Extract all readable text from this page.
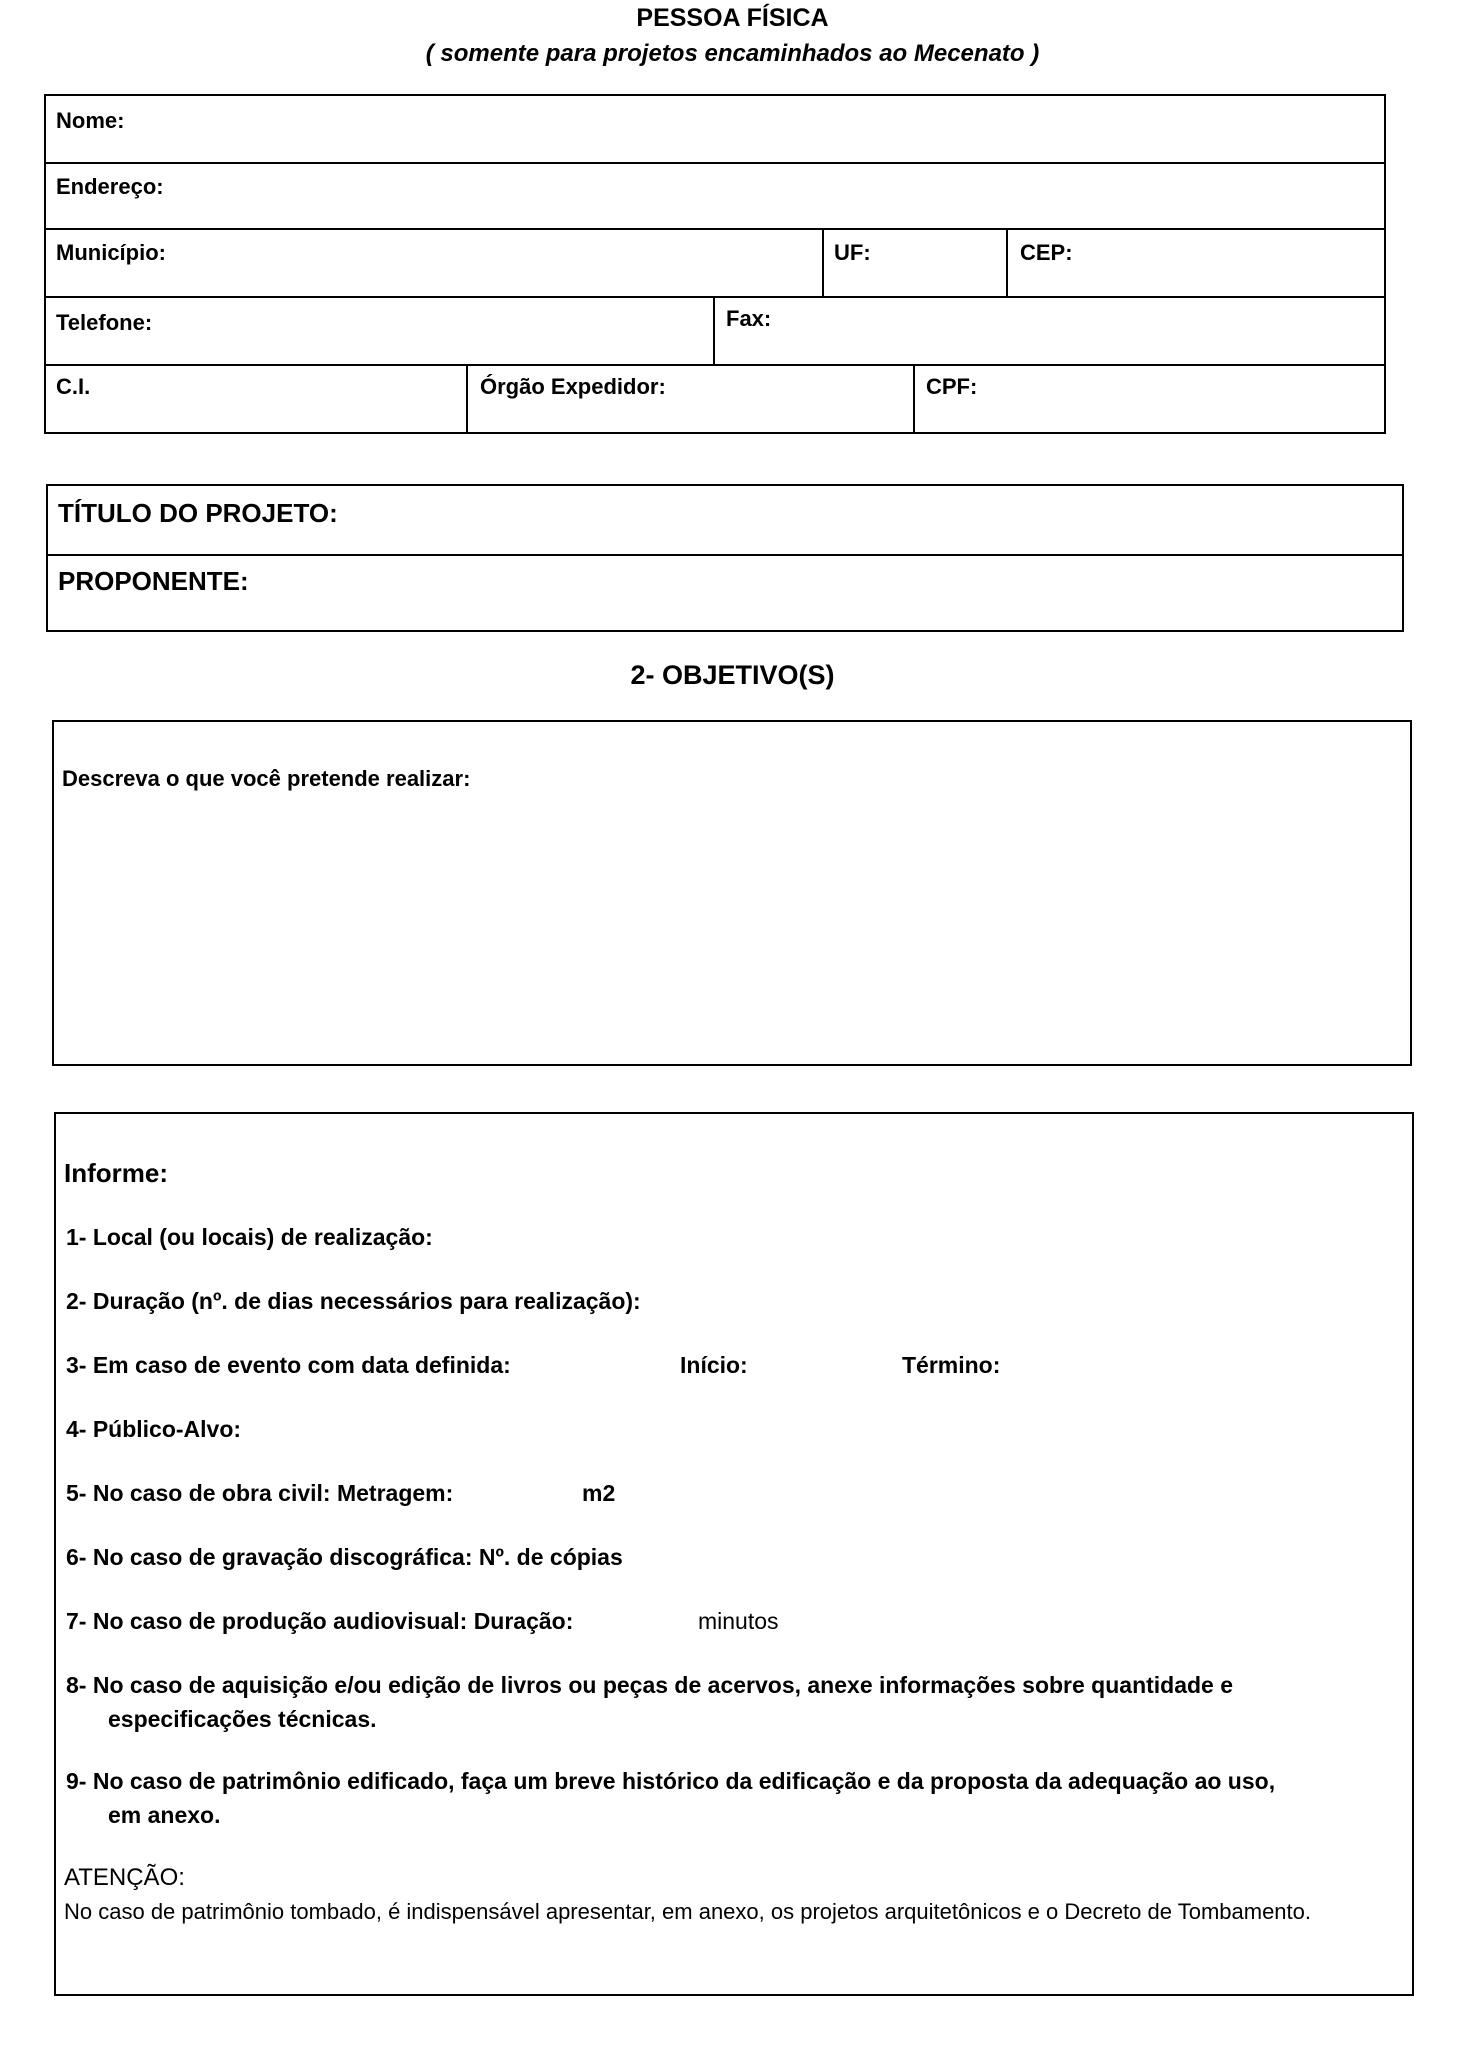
PESSOA FÍSICA
( somente para projetos encaminhados ao Mecenato )
Nome:
Endereço:
Município:	UF:	CEP:
Telefone:	Fax:
C.I.	Órgão Expedidor:	CPF:
TÍTULO DO PROJETO:
PROPONENTE:
2- OBJETIVO(S)
Descreva o que você pretende realizar:
Informe:
1- Local (ou locais) de realização:
2- Duração (nº. de dias necessários para realização):
3- Em caso de evento com data definida:	Início:	Término:
4- Público-Alvo:
5- No caso de obra civil: Metragem:	m2
6- No caso de gravação discográfica: Nº. de cópias
7- No caso de produção audiovisual: Duração:	minutos
8- No caso de aquisição e/ou edição de livros ou peças de acervos, anexe informações sobre quantidade e
especificações técnicas.
9- No caso de patrimônio edificado, faça um breve histórico da edificação e da proposta da adequação ao uso,
em anexo.
ATENÇÃO:
No caso de patrimônio tombado, é indispensável apresentar, em anexo, os projetos arquitetônicos e o Decreto de Tombamento.
